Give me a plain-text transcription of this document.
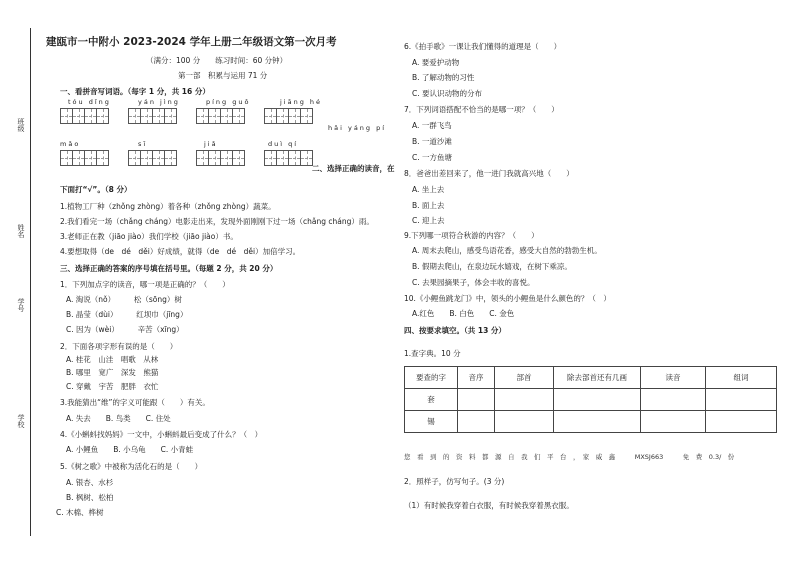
班级
姓名
学号
学校
建瓯市一中附小 2023-2024 学年上册二年级语文第一次月考
（满分：100 分　　练习时间：60 分钟）
第一部　积累与运用 71 分
一、看拼音写词语。（每字 1 分，共 16 分）
tóu dǐng	yán jìng	píng guǒ	jiāng hé
hǎi yáng pí
mǎo	sī	jiǎ	duì qí
二、选择正确的读音，在
下面打“√”。（8 分）
1.植物工厂种（zhǒng zhòng）着各种（zhǒng zhòng）蔬菜。
2.我们看完一场（chǎng cháng）电影走出来，发现外面刚刚下过一场（chǎng cháng）雨。
3.老师正在教（jiāo jiào）我们学校（jiāo jiào）书。
4.要想取得（de　dé　děi）好成绩，就得（de　dé　děi）加倍学习。
三、选择正确的答案的序号填在括号里。（每题 2 分，共 20 分）
1．下列加点字的读音，哪一项是正确的？（　　）
A. 淘说（nǒ）　　　松（sōng）树
B. 晶莹（dùi）　　　红坝巾（jīng）
C. 因为（wèi）　　　辛苦（xīng）
2．下面各项字形有误的是（　　）
A. 桂花　山洼　唱歌　从林
B. 哪里　宽广　深发　熊猫
C. 穿戴　宇苦　肥胖　衣忙
3.我能猜出“维”的字义可能跟（　　）有关。
A. 失去　　B. 鸟类　　C. 住处
4.《小蝌蚪找妈妈》一文中，小蝌蚪最后变成了什么？（　）
A. 小鲤鱼　　B. 小乌龟　　C. 小青蛙
5.《树之歌》中被称为活化石的是（　　）
A. 银杏、水杉
B. 枫树、松柏
C. 木棉、桦树
6.《拍手歌》一课让我们懂得的道理是（　　）
A. 要爱护动物
B. 了解动物的习性
C. 要认识动物的分布
7．下列词语搭配不恰当的是哪一项？（　　）
A. 一群飞鸟
B. 一道沙滩
C. 一方鱼塘
8．爸爸出差回来了，他一进门我就高兴地（　　）
A. 坐上去
B. 面上去
C. 迎上去
9.下列哪一项符合秋游的内容？（　　）
A. 周末去爬山，感受鸟语花香，感受大自然的勃勃生机。
B. 假期去爬山，在泉边玩水嬉戏，在树下乘凉。
C. 去果园摘果子，体会丰收的喜悦。
10.《小鲤鱼跳龙门》中，领头的小鲤鱼是什么颜色的？（　）
A.红色　　B. 白色　　C. 金色
四、按要求填空。（共 13 分）
1.查字典。10 分
要查的字	音序	部首	除去部首还有几画	读音	组词
套					
锡					
您　看　到　的　资　料　都　源　自　我　们　平　台　，　家　威　鑫　　　MXSJ663　　　免　费　0.3/　份
2．照样子，仿写句子。(3 分)
（1）有时候我穿着白衣服，有时候我穿着黑衣服。
